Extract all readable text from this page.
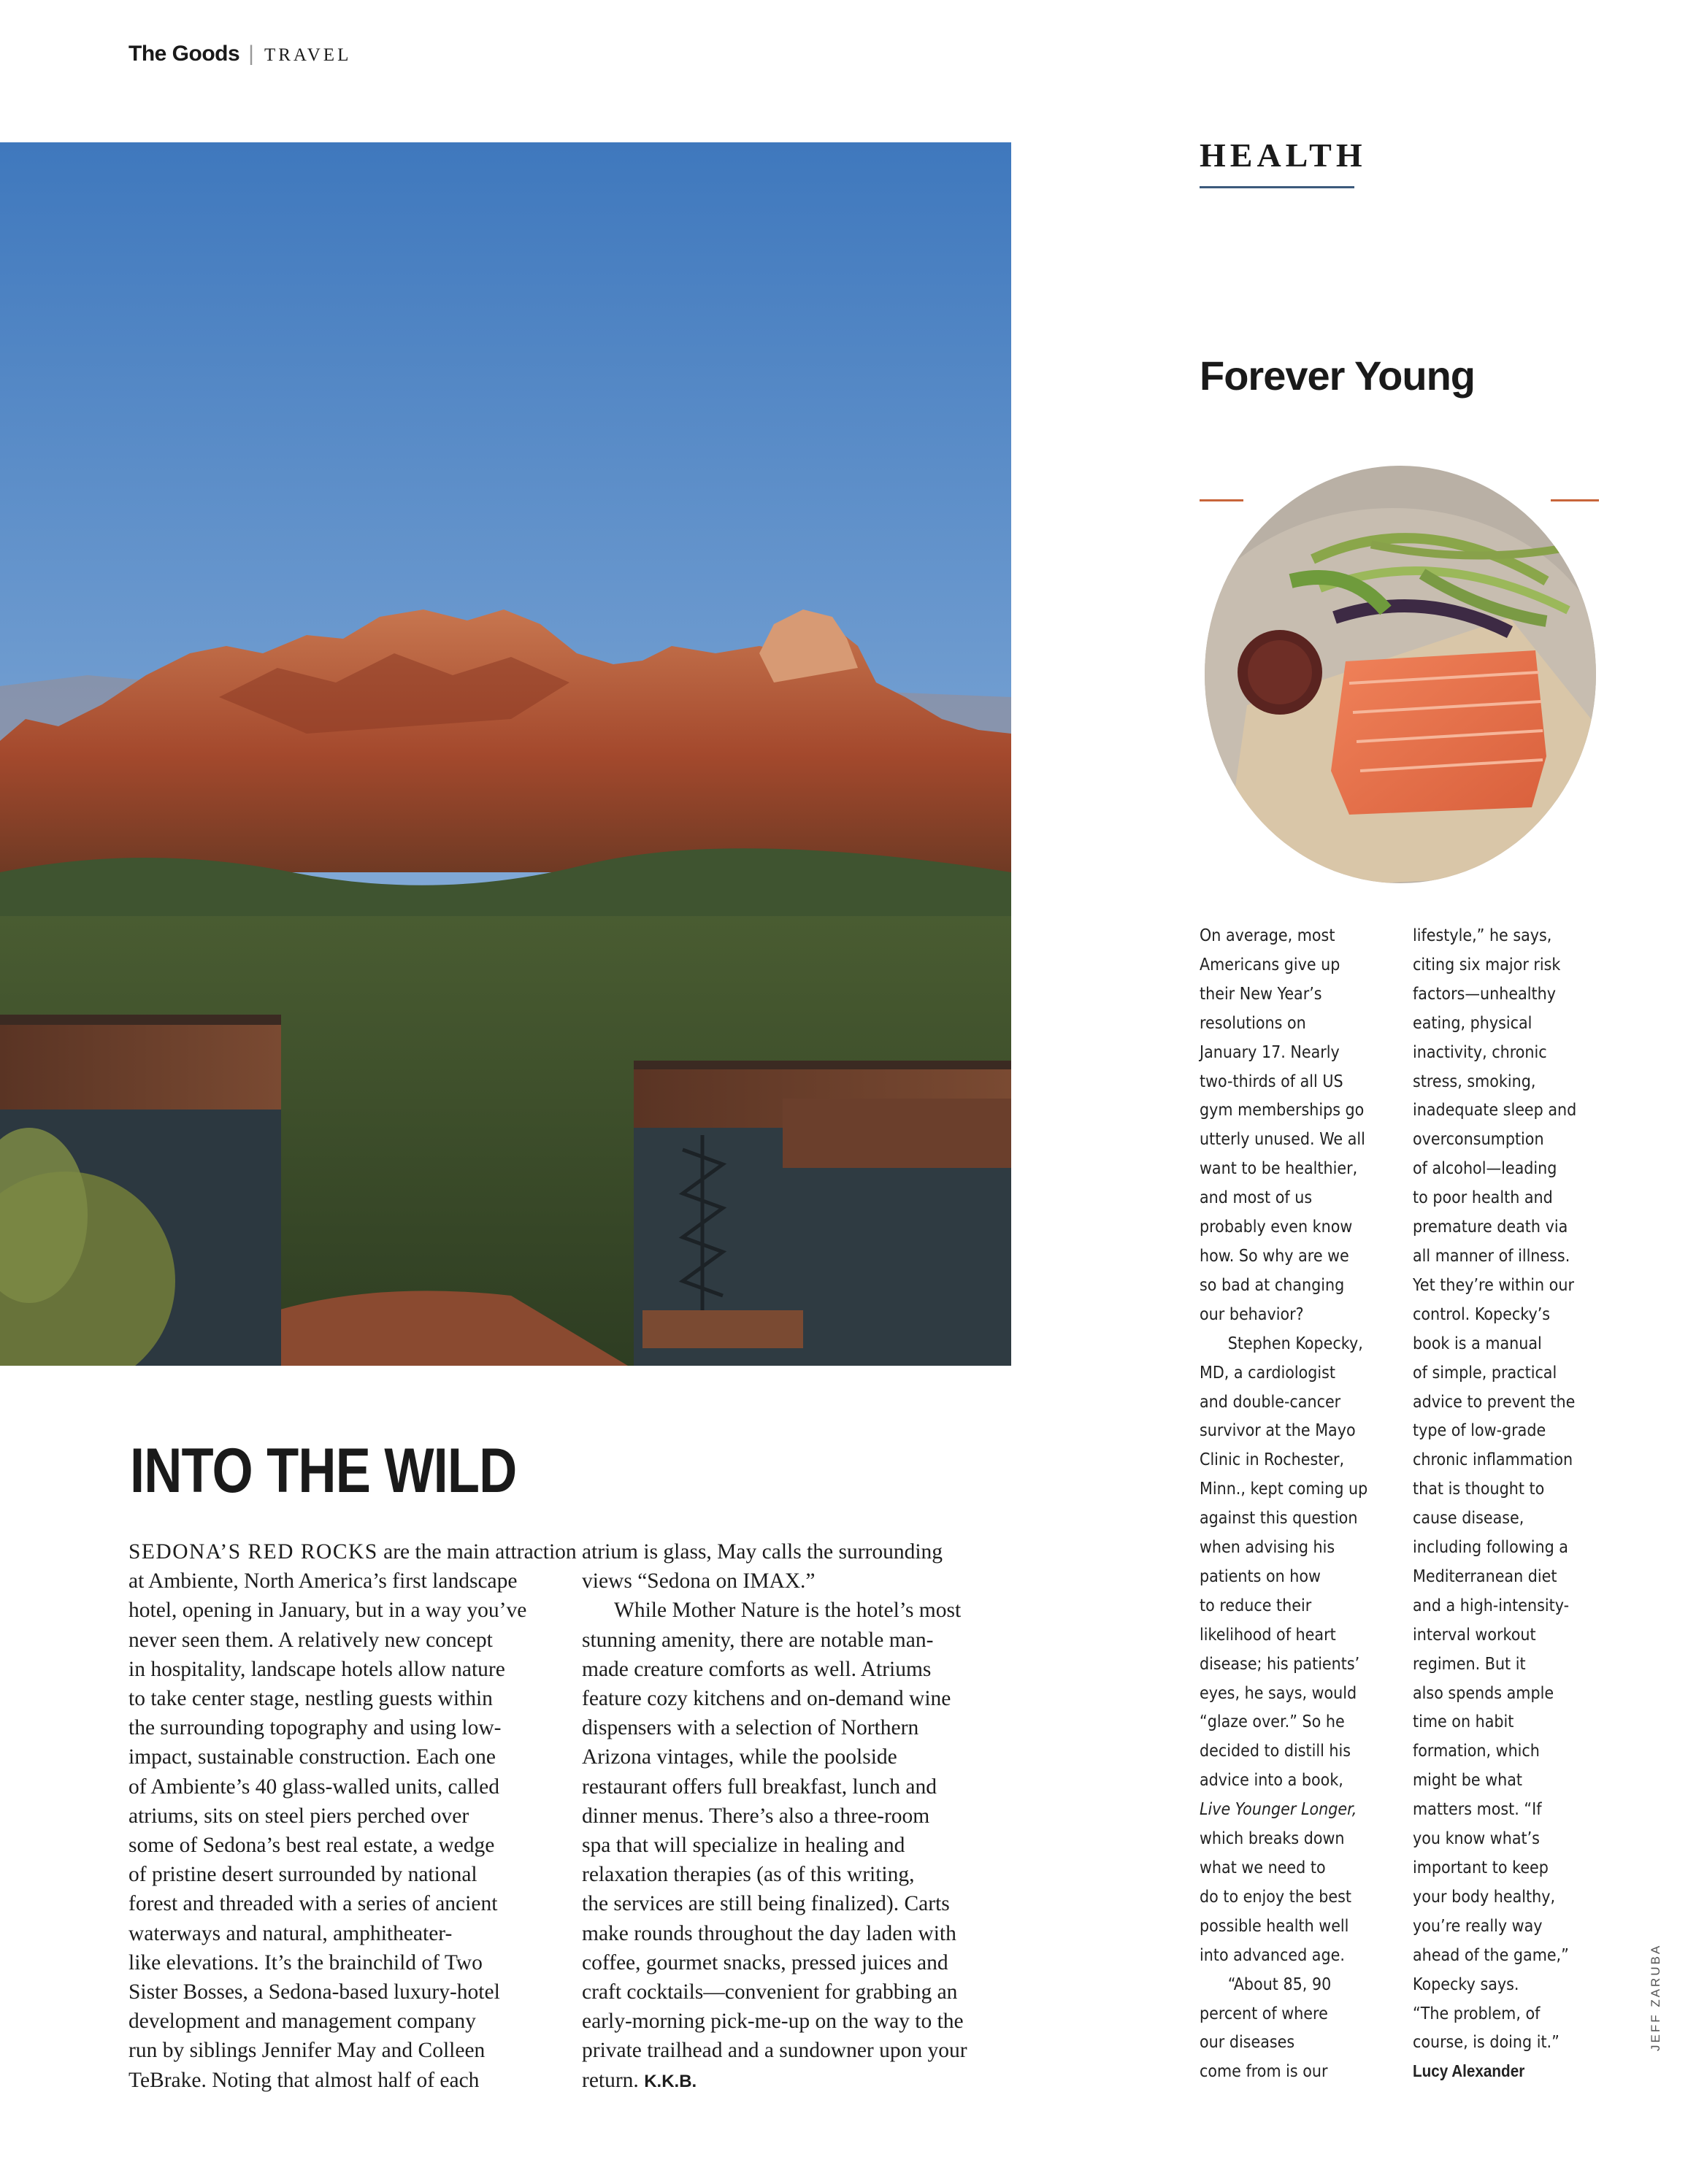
The Goods | TRAVEL
INTO THE WILD
SEDONA’S RED ROCKS are the main attraction
at Ambiente, North America’s first landscape
hotel, opening in January, but in a way you’ve
never seen them. A relatively new concept
in hospitality, landscape hotels allow nature
to take center stage, nestling guests within
the surrounding topography and using low-
impact, sustainable construction. Each one
of Ambiente’s 40 glass-walled units, called
atriums, sits on steel piers perched over
some of Sedona’s best real estate, a wedge
of pristine desert surrounded by national
forest and threaded with a series of ancient
waterways and natural, amphitheater-
like elevations. It’s the brainchild of Two
Sister Bosses, a Sedona-based luxury-hotel
development and management company
run by siblings Jennifer May and Colleen
TeBrake. Noting that almost half of each
atrium is glass, May calls the surrounding
views “Sedona on IMAX.”
While Mother Nature is the hotel’s most
stunning amenity, there are notable man-
made creature comforts as well. Atriums
feature cozy kitchens and on-demand wine
dispensers with a selection of Northern
Arizona vintages, while the poolside
restaurant offers full breakfast, lunch and
dinner menus. There’s also a three-room
spa that will specialize in healing and
relaxation therapies (as of this writing,
the services are still being finalized). Carts
make rounds throughout the day laden with
coffee, gourmet snacks, pressed juices and
craft cocktails—convenient for grabbing an
early-morning pick-me-up on the way to the
private trailhead and a sundowner upon your
return. K.K.B.
HEALTH
Forever Young
On average, most
Americans give up
their New Year’s
resolutions on
January 17. Nearly
two-thirds of all US
gym memberships go
utterly unused. We all
want to be healthier,
and most of us
probably even know
how. So why are we
so bad at changing
our behavior?
Stephen Kopecky,
MD, a cardiologist
and double-cancer
survivor at the Mayo
Clinic in Rochester,
Minn., kept coming up
against this question
when advising his
patients on how
to reduce their
likelihood of heart
disease; his patients’
eyes, he says, would
“glaze over.” So he
decided to distill his
advice into a book,
Live Younger Longer,
which breaks down
what we need to
do to enjoy the best
possible health well
into advanced age.
“About 85, 90
percent of where
our diseases
come from is our
lifestyle,” he says,
citing six major risk
factors—unhealthy
eating, physical
inactivity, chronic
stress, smoking,
inadequate sleep and
overconsumption
of alcohol—leading
to poor health and
premature death via
all manner of illness.
Yet they’re within our
control. Kopecky’s
book is a manual
of simple, practical
advice to prevent the
type of low-grade
chronic inflammation
that is thought to
cause disease,
including following a
Mediterranean diet
and a high-intensity-
interval workout
regimen. But it
also spends ample
time on habit
formation, which
might be what
matters most. “If
you know what’s
important to keep
your body healthy,
you’re really way
ahead of the game,”
Kopecky says.
“The problem, of
course, is doing it.”
Lucy Alexander
JEFF ZARUBA
